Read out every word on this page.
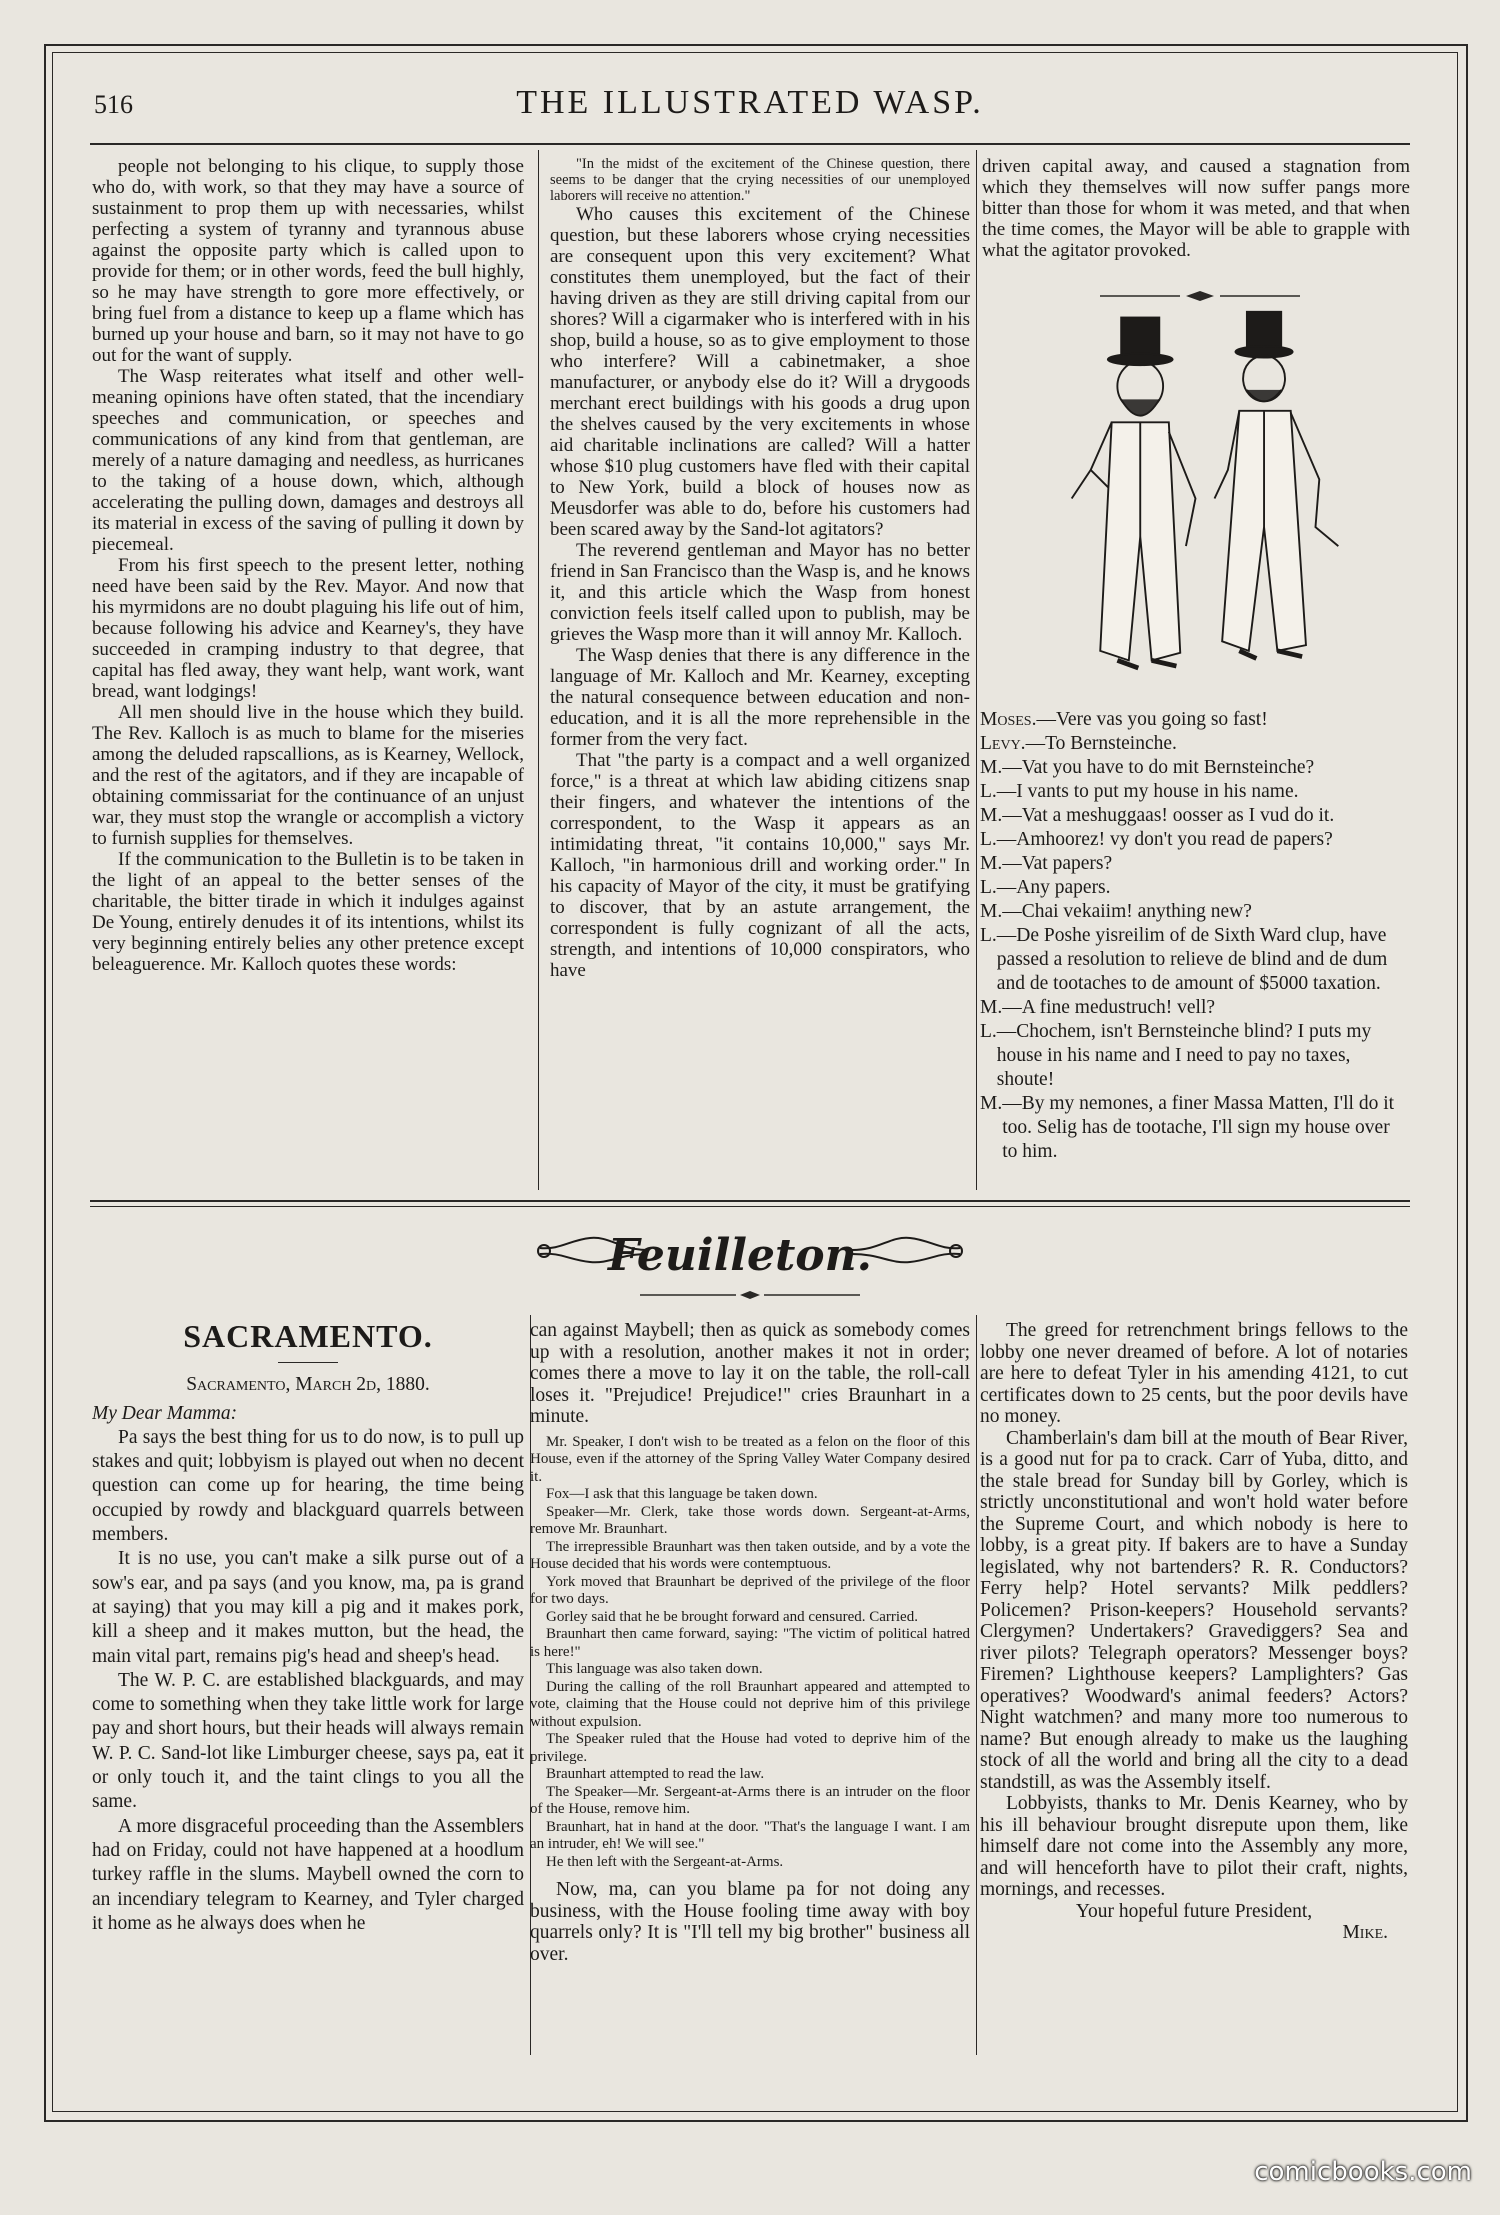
516	THE ILLUSTRATED WASP.

people not belonging to his clique, to supply those who do, with work, so that they may have a source of sustainment to prop them up with necessaries, whilst perfecting a system of tyranny and tyrannous abuse against the opposite party which is called upon to provide for them; or in other words, feed the bull highly, so he may have strength to gore more effectively, or bring fuel from a distance to keep up a flame which has burned up your house and barn, so it may not have to go out for the want of supply.

The Wasp reiterates what itself and other well-meaning opinions have often stated, that the incendiary speeches and communication, or speeches and communications of any kind from that gentleman, are merely of a nature damaging and needless, as hurricanes to the taking of a house down, which, although accelerating the pulling down, damages and destroys all its material in excess of the saving of pulling it down by piecemeal.

From his first speech to the present letter, nothing need have been said by the Rev. Mayor. And now that his myrmidons are no doubt plaguing his life out of him, because following his advice and Kearney's, they have succeeded in cramping industry to that degree, that capital has fled away, they want help, want work, want bread, want lodgings!

All men should live in the house which they build. The Rev. Kalloch is as much to blame for the miseries among the deluded rapscallions, as is Kearney, Wellock, and the rest of the agitators, and if they are incapable of obtaining commissariat for the continuance of an unjust war, they must stop the wrangle or accomplish a victory to furnish supplies for themselves.

If the communication to the Bulletin is to be taken in the light of an appeal to the better senses of the charitable, the bitter tirade in which it indulges against De Young, entirely denudes it of its intentions, whilst its very beginning entirely belies any other pretence except beleaguerence. Mr. Kalloch quotes these words:

"In the midst of the excitement of the Chinese question, there seems to be danger that the crying necessities of our unemployed laborers will receive no attention."

Who causes this excitement of the Chinese question, but these laborers whose crying necessities are consequent upon this very excitement? What constitutes them unemployed, but the fact of their having driven as they are still driving capital from our shores? Will a cigarmaker who is interfered with in his shop, build a house, so as to give employment to those who interfere? Will a cabinetmaker, a shoe manufacturer, or anybody else do it? Will a drygoods merchant erect buildings with his goods a drug upon the shelves caused by the very excitements in whose aid charitable inclinations are called? Will a hatter whose $10 plug customers have fled with their capital to New York, build a block of houses now as Meusdorfer was able to do, before his customers had been scared away by the Sand-lot agitators?

The reverend gentleman and Mayor has no better friend in San Francisco than the Wasp is, and he knows it, and this article which the Wasp from honest conviction feels itself called upon to publish, may be grieves the Wasp more than it will annoy Mr. Kalloch.

The Wasp denies that there is any difference in the language of Mr. Kalloch and Mr. Kearney, excepting the natural consequence between education and non-education, and it is all the more reprehensible in the former from the very fact.

That "the party is a compact and a well organized force," is a threat at which law abiding citizens snap their fingers, and whatever the intentions of the correspondent, to the Wasp it appears as an intimidating threat, "it contains 10,000," says Mr. Kalloch, "in harmonious drill and working order." In his capacity of Mayor of the city, it must be gratifying to discover, that by an astute arrangement, the correspondent is fully cognizant of all the acts, strength, and intentions of 10,000 conspirators, who have

driven capital away, and caused a stagnation from which they themselves will now suffer pangs more bitter than those for whom it was meted, and that when the time comes, the Mayor will be able to grapple with what the agitator provoked.

Moses. —Vere vas you going so fast!
Levy. —To Bernsteinche.
M. —Vat you have to do mit Bernsteinche?
L. —I vants to put my house in his name.
M. —Vat a meshuggaas! oosser as I vud do it.
L. —Amhoorez! vy don't you read de papers?
M. —Vat papers?
L. —Any papers.
M. —Chai vekaiim! anything new?
L. —De Poshe yisreilim of de Sixth Ward clup, have passed a resolution to relieve de blind and de dum and de tootaches to de amount of $5000 taxation.
M. —A fine medustruch! vell?
L. —Chochem, isn't Bernsteinche blind? I puts my house in his name and I need to pay no taxes, shoute!
M. —By my nemones, a finer Massa Matten, I'll do it too. Selig has de tootache, I'll sign my house over to him.
Feuilleton.
SACRAMENTO.

Sacramento, March 2d, 1880.

My Dear Mamma:

Pa says the best thing for us to do now, is to pull up stakes and quit; lobbyism is played out when no decent question can come up for hearing, the time being occupied by rowdy and blackguard quarrels between members.

It is no use, you can't make a silk purse out of a sow's ear, and pa says (and you know, ma, pa is grand at saying) that you may kill a pig and it makes pork, kill a sheep and it makes mutton, but the head, the main vital part, remains pig's head and sheep's head.

The W. P. C. are established blackguards, and may come to something when they take little work for large pay and short hours, but their heads will always remain W. P. C. Sand-lot like Limburger cheese, says pa, eat it or only touch it, and the taint clings to you all the same.

A more disgraceful proceeding than the Assemblers had on Friday, could not have happened at a hoodlum turkey raffle in the slums. Maybell owned the corn to an incendiary telegram to Kearney, and Tyler charged it home as he always does when he

can against Maybell; then as quick as somebody comes up with a resolution, another makes it not in order; comes there a move to lay it on the table, the roll-call loses it. "Prejudice! Prejudice!" cries Braunhart in a minute.

Mr. Speaker, I don't wish to be treated as a felon on the floor of this House, even if the attorney of the Spring Valley Water Company desired it.

Fox—I ask that this language be taken down.

Speaker—Mr. Clerk, take those words down. Sergeant-at-Arms, remove Mr. Braunhart.

The irrepressible Braunhart was then taken outside, and by a vote the House decided that his words were contemptuous.

York moved that Braunhart be deprived of the privilege of the floor for two days.

Gorley said that he be brought forward and censured. Carried.

Braunhart then came forward, saying: "The victim of political hatred is here!"

This language was also taken down.

During the calling of the roll Braunhart appeared and attempted to vote, claiming that the House could not deprive him of this privilege without expulsion.

The Speaker ruled that the House had voted to deprive him of the privilege.

Braunhart attempted to read the law.

The Speaker—Mr. Sergeant-at-Arms there is an intruder on the floor of the House, remove him.

Braunhart, hat in hand at the door. "That's the language I want. I am an intruder, eh! We will see."

He then left with the Sergeant-at-Arms.

Now, ma, can you blame pa for not doing any business, with the House fooling time away with boy quarrels only? It is "I'll tell my big brother" business all over.

The greed for retrenchment brings fellows to the lobby one never dreamed of before. A lot of notaries are here to defeat Tyler in his amending 4121, to cut certificates down to 25 cents, but the poor devils have no money.

Chamberlain's dam bill at the mouth of Bear River, is a good nut for pa to crack. Carr of Yuba, ditto, and the stale bread for Sunday bill by Gorley, which is strictly unconstitutional and won't hold water before the Supreme Court, and which nobody is here to lobby, is a great pity. If bakers are to have a Sunday legislated, why not bartenders? R. R. Conductors? Ferry help? Hotel servants? Milk peddlers? Policemen? Prison-keepers? Household servants? Clergymen? Undertakers? Gravediggers? Sea and river pilots? Telegraph operators? Messenger boys? Firemen? Lighthouse keepers? Lamplighters? Gas operatives? Woodward's animal feeders? Actors? Night watchmen? and many more too numerous to name? But enough already to make us the laughing stock of all the world and bring all the city to a dead standstill, as was the Assembly itself.

Lobbyists, thanks to Mr. Denis Kearney, who by his ill behaviour brought disrepute upon them, like himself dare not come into the Assembly any more, and will henceforth have to pilot their craft, nights, mornings, and recesses.

Your hopeful future President,

Mike.

comicbooks.com
